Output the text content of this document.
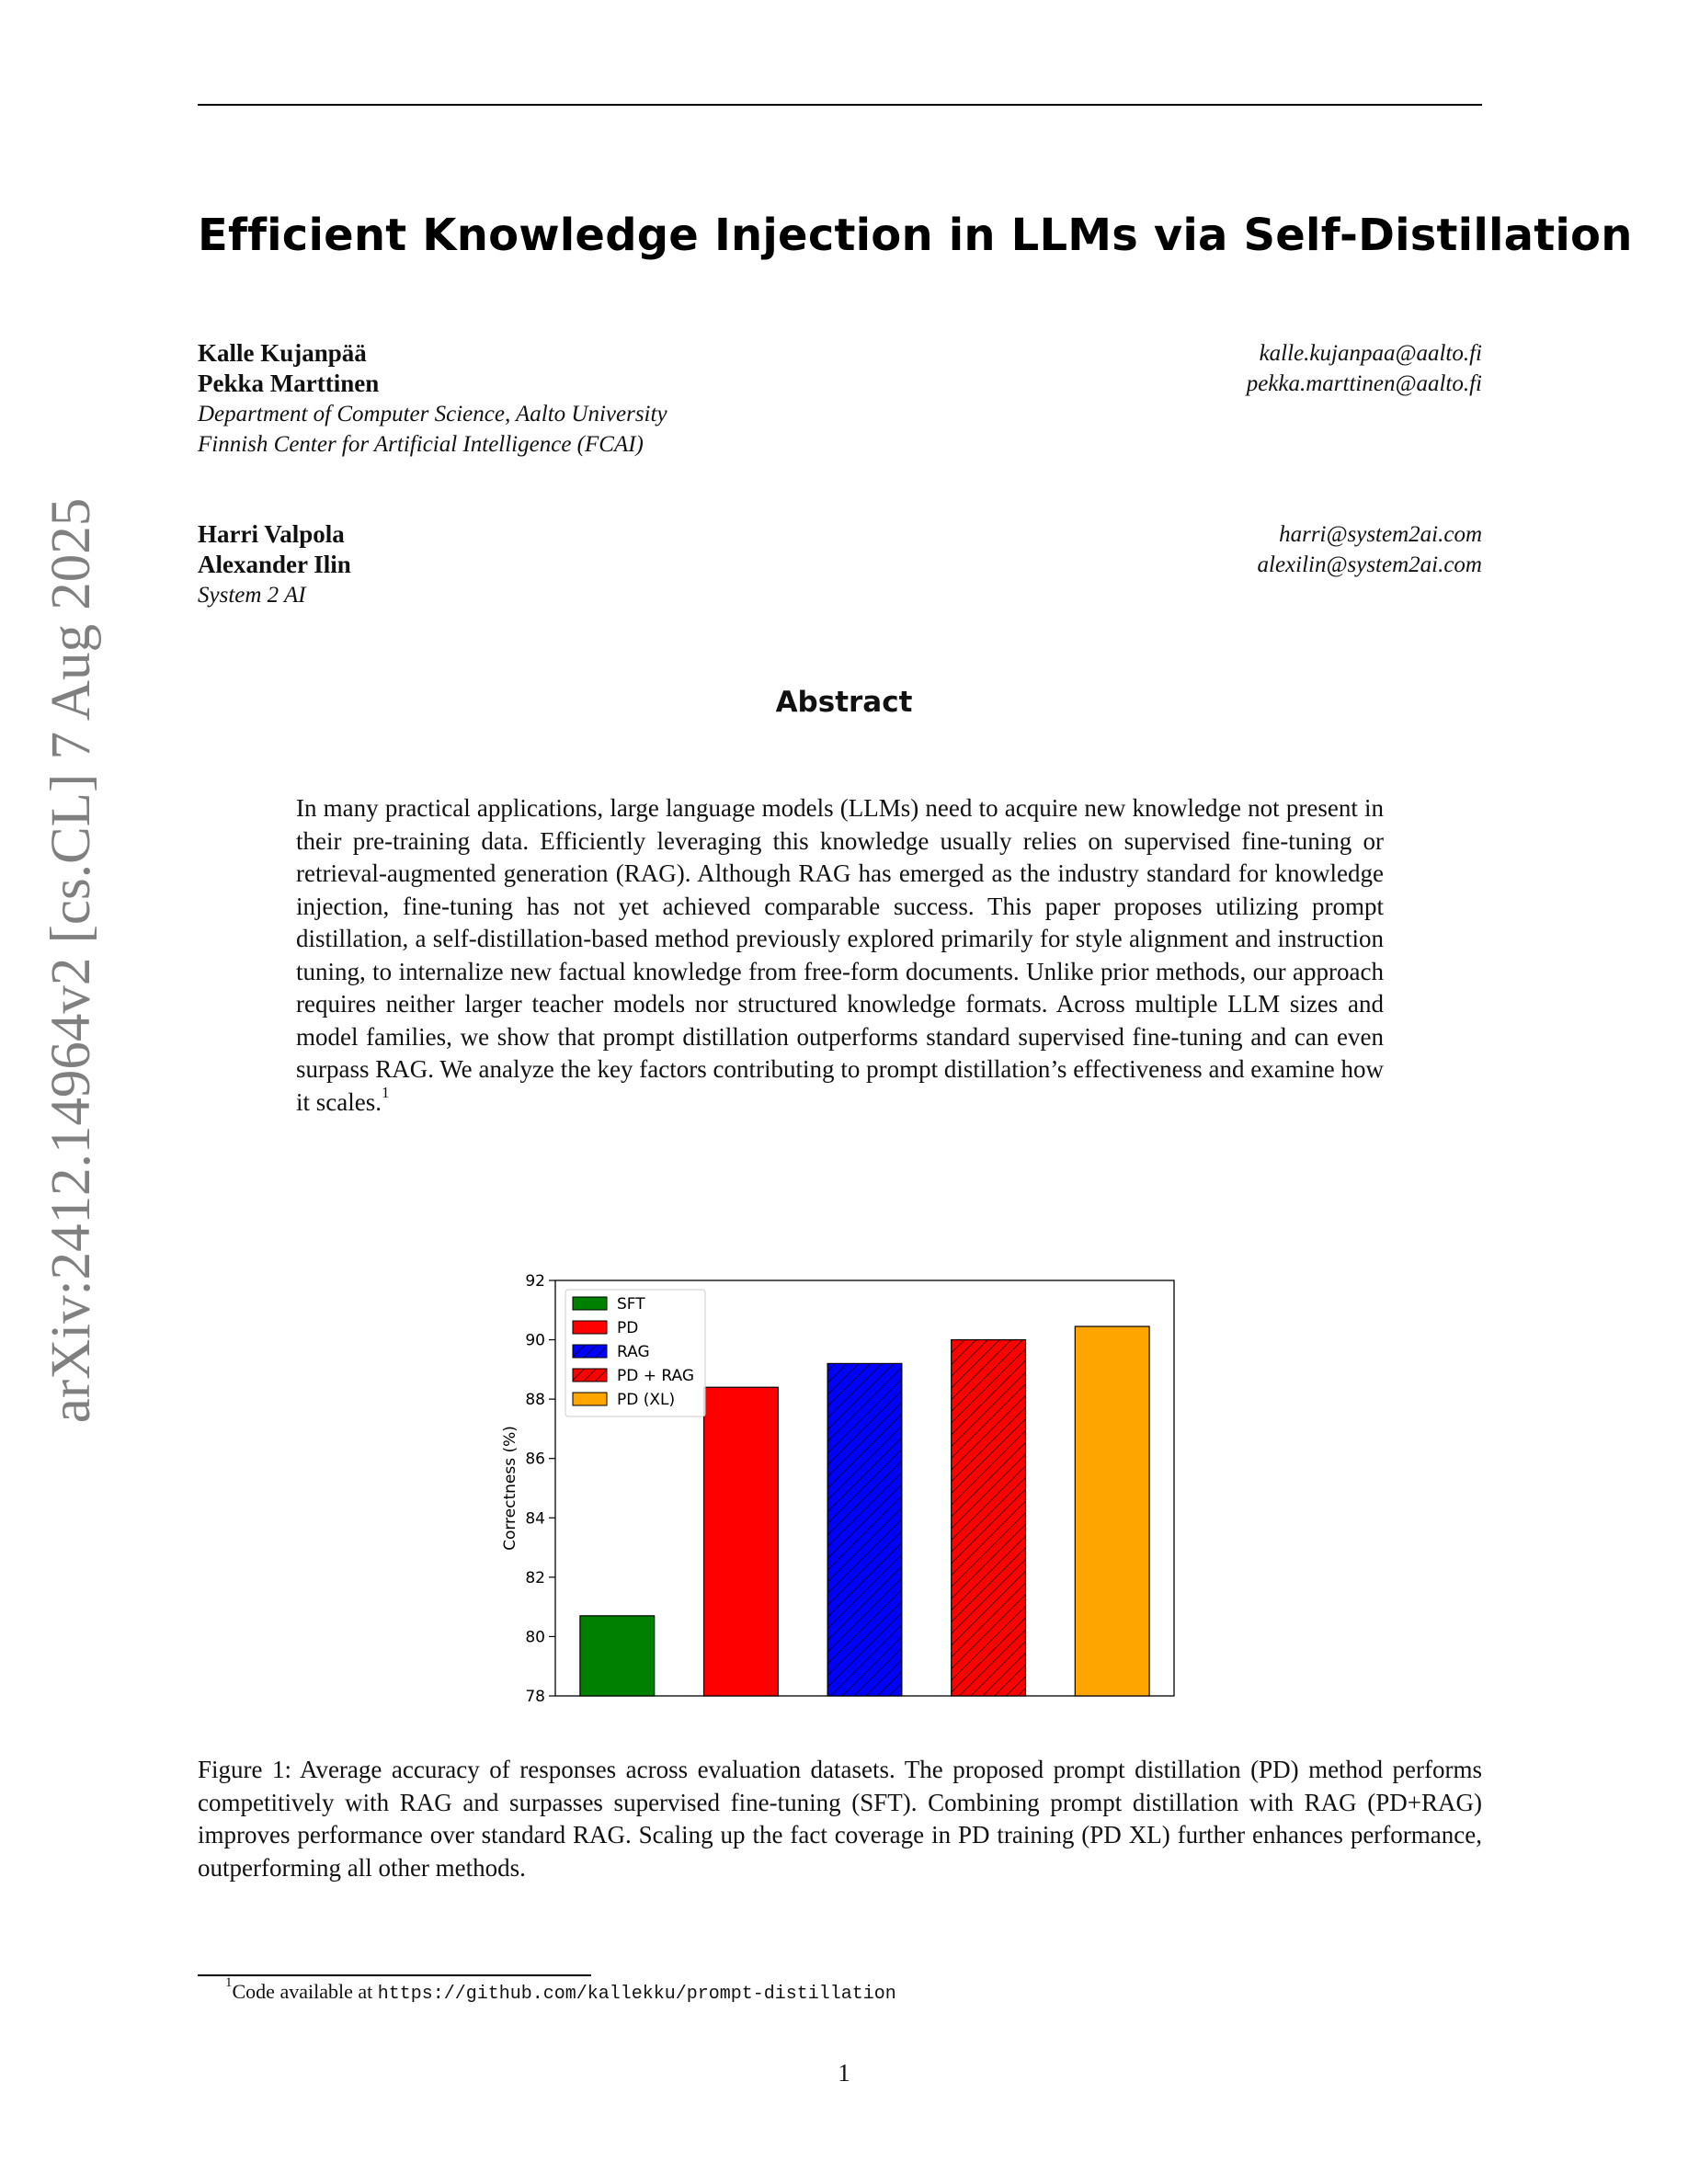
arXiv:2412.14964v2 [cs.CL] 7 Aug 2025
Efficient Knowledge Injection in LLMs via Self-Distillation
Kalle Kujanpää
Pekka Marttinen
Department of Computer Science, Aalto University
Finnish Center for Artificial Intelligence (FCAI)
kalle.kujanpaa@aalto.fi
pekka.marttinen@aalto.fi
Harri Valpola
Alexander Ilin
System 2 AI
harri@system2ai.com
alexilin@system2ai.com
Abstract
In many practical applications, large language models (LLMs) need to acquire new knowledge not present in their pre-training data. Efficiently leveraging this knowledge usually relies on supervised fine-tuning or retrieval-augmented generation (RAG). Although RAG has emerged as the industry standard for knowledge injection, fine-tuning has not yet achieved comparable success. This paper proposes utilizing prompt distillation, a self-distillation-based method previously explored primarily for style alignment and instruction tuning, to internalize new factual knowledge from free-form documents. Unlike prior methods, our approach requires neither larger teacher models nor structured knowledge formats. Across multiple LLM sizes and model families, we show that prompt distillation outperforms standard supervised fine-tuning and can even surpass RAG. We analyze the key factors contributing to prompt distillation’s effectiveness and examine how it scales.$^1$
78
80
82
84
86
88
90
92
Correctness (%)
SFT
PD
RAG
PD + RAG
PD (XL)
Figure 1: Average accuracy of responses across evaluation datasets. The proposed prompt distillation (PD) method performs competitively with RAG and surpasses supervised fine-tuning (SFT). Combining prompt distillation with RAG (PD+RAG) improves performance over standard RAG. Scaling up the fact coverage in PD training (PD XL) further enhances performance, outperforming all other methods.
$^1$Code available at https://github.com/kallekku/prompt-distillation
1
